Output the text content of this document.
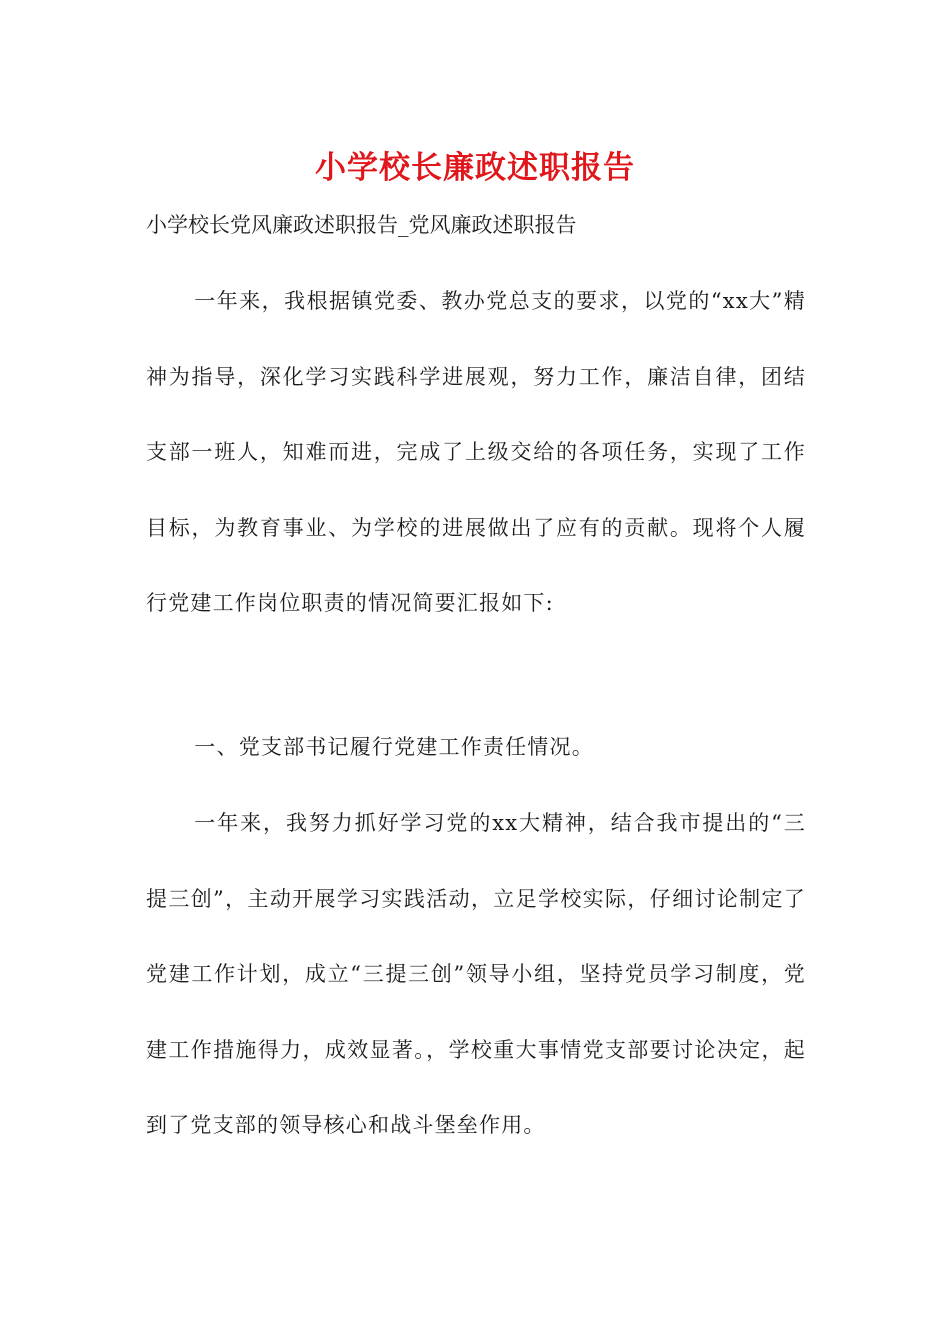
小学校长廉政述职报告
小学校长党风廉政述职报告_党风廉政述职报告

一年来，我根据镇党委、教办党总支的要求，以党的“xx大”精神为指导，深化学习实践科学进展观，努力工作，廉洁自律，团结支部一班人，知难而进，完成了上级交给的各项任务，实现了工作目标，为教育事业、为学校的进展做出了应有的贡献。现将个人履行党建工作岗位职责的情况简要汇报如下:

一、党支部书记履行党建工作责任情况。

一年来，我努力抓好学习党的xx大精神，结合我市提出的“三提三创”，主动开展学习实践活动，立足学校实际，仔细讨论制定了党建工作计划，成立“三提三创”领导小组，坚持党员学习制度，党建工作措施得力，成效显著。，学校重大事情党支部要讨论决定，起到了党支部的领导核心和战斗堡垒作用。
